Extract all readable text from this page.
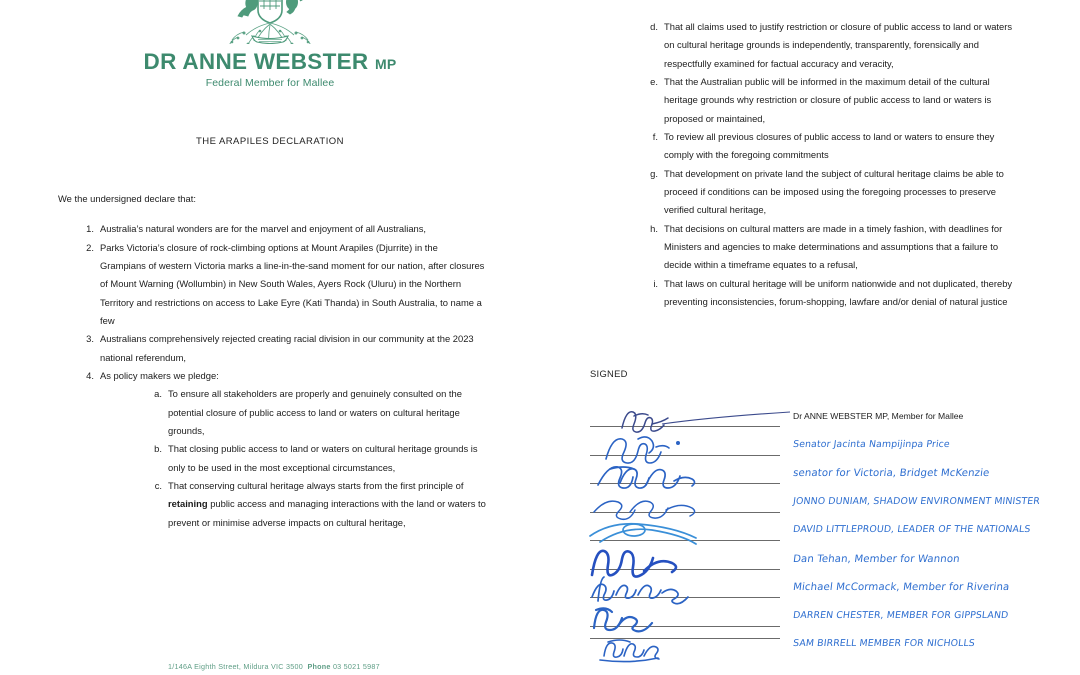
DR ANNE WEBSTER MP
Federal Member for Mallee
THE ARAPILES DECLARATION

We the undersigned declare that:

1. Australia’s natural wonders are for the marvel and enjoyment of all Australians,
2. Parks Victoria’s closure of rock-climbing options at Mount Arapiles (Djurrite) in the Grampians of western Victoria marks a line-in-the-sand moment for our nation, after closures of Mount Warning (Wollumbin) in New South Wales, Ayers Rock (Uluru) in the Northern Territory and restrictions on access to Lake Eyre (Kati Thanda) in South Australia, to name a few
3. Australians comprehensively rejected creating racial division in our community at the 2023 national referendum,
4. As policy makers we pledge:
a. To ensure all stakeholders are properly and genuinely consulted on the potential closure of public access to land or waters on cultural heritage grounds,
b. That closing public access to land or waters on cultural heritage grounds is only to be used in the most exceptional circumstances,
c. That conserving cultural heritage always starts from the first principle of retaining public access and managing interactions with the land or waters to prevent or minimise adverse impacts on cultural heritage,
d. That all claims used to justify restriction or closure of public access to land or waters on cultural heritage grounds is independently, transparently, forensically and respectfully examined for factual accuracy and veracity,
e. That the Australian public will be informed in the maximum detail of the cultural heritage grounds why restriction or closure of public access to land or waters is proposed or maintained,
f. To review all previous closures of public access to land or waters to ensure they comply with the foregoing commitments
g. That development on private land the subject of cultural heritage claims be able to proceed if conditions can be imposed using the foregoing processes to preserve verified cultural heritage,
h. That decisions on cultural matters are made in a timely fashion, with deadlines for Ministers and agencies to make determinations and assumptions that a failure to decide within a timeframe equates to a refusal,
i. That laws on cultural heritage will be uniform nationwide and not duplicated, thereby preventing inconsistencies, forum-shopping, lawfare and/or denial of natural justice
SIGNED
Dr ANNE WEBSTER MP, Member for Mallee
Senator Jacinta Nampijinpa Price
senator for Victoria, Bridget McKenzie
JONNO DUNIAM, SHADOW ENVIRONMENT MINISTER
DAVID LITTLEPROUD, LEADER OF THE NATIONALS
Dan Tehan, Member for Wannon
Michael McCormack, Member for Riverina
DARREN CHESTER, MEMBER FOR GIPPSLAND
SAM BIRRELL MEMBER FOR NICHOLLS
1/146A Eighth Street, Mildura VIC 3500 Phone 03 5021 5987
